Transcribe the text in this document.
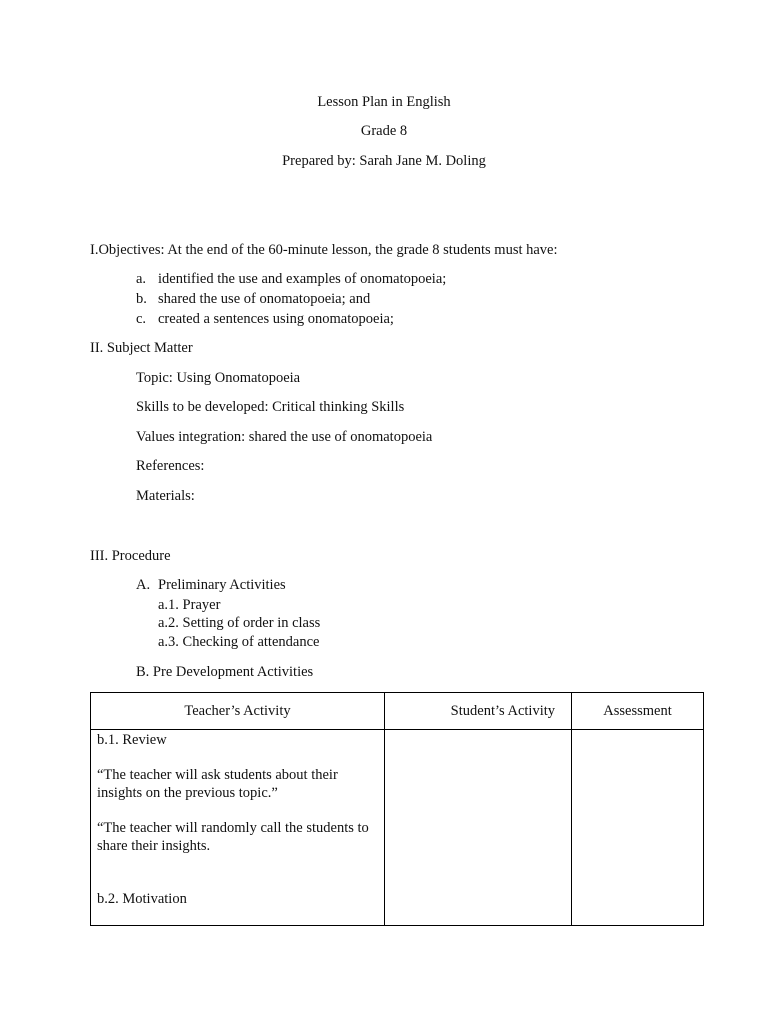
Lesson Plan in English
Grade 8
Prepared by: Sarah Jane M. Doling
I.Objectives: At the end of the 60-minute lesson, the grade 8 students must have:
a. identified the use and examples of onomatopoeia;
b. shared the use of onomatopoeia; and
c. created a sentences using onomatopoeia;
II. Subject Matter
Topic: Using Onomatopoeia
Skills to be developed: Critical thinking Skills
Values integration: shared the use of onomatopoeia
References:
Materials:
III. Procedure
A. Preliminary Activities
a.1. Prayer
a.2. Setting of order in class
a.3. Checking of attendance
B. Pre Development Activities
Teacher’s Activity	Student’s Activity	Assessment

b.1. Review

“The teacher will ask students about their insights on the previous topic.”

“The teacher will randomly call the students to share their insights.

b.2. Motivation		
